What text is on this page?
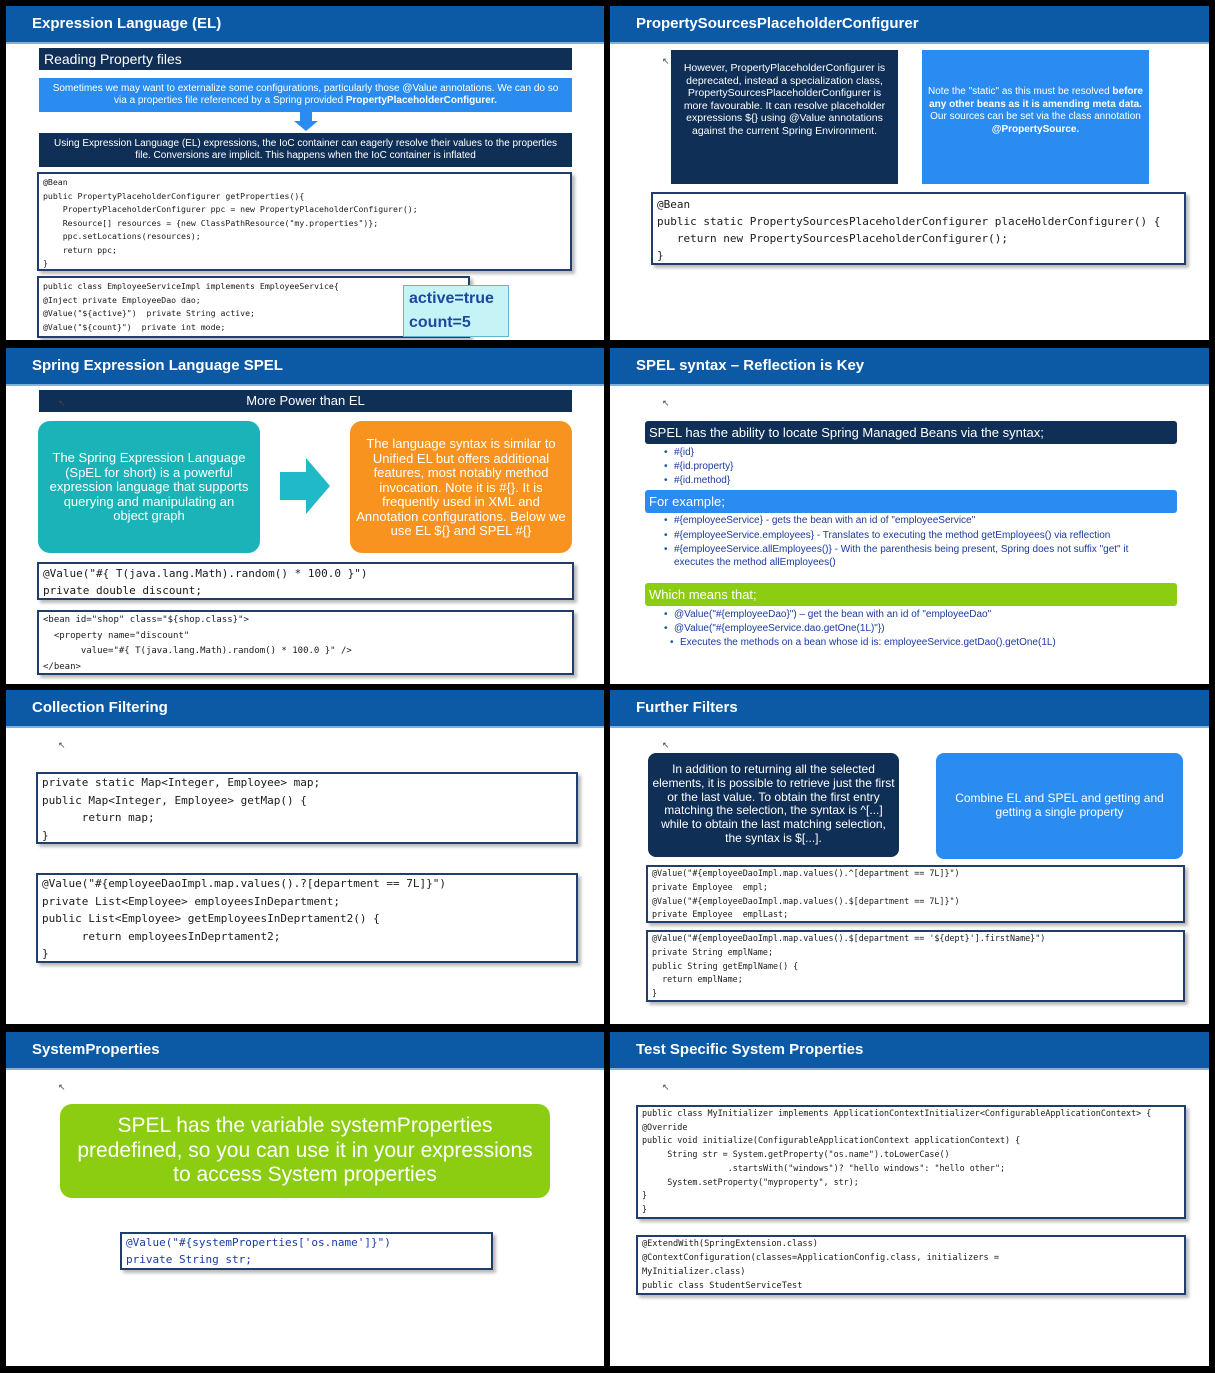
Expression Language (EL)
Reading Property files
Sometimes we may want to externalize some configurations, particularly those @Value annotations. We can do so via a properties file referenced by a Spring provided PropertyPlaceholderConfigurer.
Using Expression Language (EL) expressions, the IoC container can eagerly resolve their values to the properties file. Conversions are implicit. This happens when the IoC container is inflated
@Bean
public PropertyPlaceholderConfigurer getProperties(){
PropertyPlaceholderConfigurer ppc = new PropertyPlaceholderConfigurer();
Resource[] resources = {new ClassPathResource("my.properties")};
ppc.setLocations(resources);
return ppc;
}
public class EmployeeServiceImpl implements EmployeeService{
@Inject private EmployeeDao dao;
@Value("${active}")  private String active;
@Value("${count}")  private int mode;
active=true
count=5
PropertySourcesPlaceholderConfigurer
↖
However, PropertyPlaceholderConfigurer is deprecated, instead a specialization class, PropertySourcesPlaceholderConfigurer is more favourable. It can resolve placeholder expressions ${} using @Value annotations against the current Spring Environment.
Note the "static" as this must be resolved before any other beans as it is amending meta data. Our sources can be set via the class annotation @PropertySource.
@Bean
public static PropertySourcesPlaceholderConfigurer placeHolderConfigurer() {
return new PropertySourcesPlaceholderConfigurer();
}
Spring Expression Language SPEL
More Power than EL
↖
The Spring Expression Language (SpEL for short) is a powerful expression language that supports querying and manipulating an object graph
The language syntax is similar to Unified EL but offers additional features, most notably method invocation. Note it is #{}. It is frequently used in XML and Annotation configurations. Below we use EL ${} and SPEL #{}
@Value("#{ T(java.lang.Math).random() * 100.0 }")
private double discount;
<bean id="shop" class="${shop.class}">
<property name="discount"
value="#{ T(java.lang.Math).random() * 100.0 }" />
</bean>
SPEL syntax – Reflection is Key
↖
SPEL has the ability to locate Spring Managed Beans via the syntax;
• #{id}
• #{id.property}
• #{id.method}
For example;
• #{employeeService} - gets the bean with an id of "employeeService"
• #{employeeService.employees} - Translates to executing the method getEmployees() via reflection
• #{employeeService.allEmployees()} - With the parenthesis being present, Spring does not suffix "get" it executes the method allEmployees()
Which means that;
• @Value("#{employeeDao}") – get the bean with an id of "employeeDao"
• @Value("#{employeeService.dao.getOne(1L)"})
• Executes the methods on a bean whose id is: employeeService.getDao().getOne(1L)
Collection Filtering
↖
private static Map<Integer, Employee> map;
public Map<Integer, Employee> getMap() {
return map;
}
@Value("#{employeeDaoImpl.map.values().?[department == 7L]}")
private List<Employee> employeesInDepartment;
public List<Employee> getEmployeesInDeprtament2() {
return employeesInDeprtament2;
}
Further Filters
↖
In addition to returning all the selected elements, it is possible to retrieve just the first or the last value. To obtain the first entry matching the selection, the syntax is ^[...] while to obtain the last matching selection, the syntax is $[...].
Combine EL and SPEL and getting and getting a single property
@Value("#{employeeDaoImpl.map.values().^[department == 7L]}")
private Employee  empl;
@Value("#{employeeDaoImpl.map.values().$[department == 7L]}")
private Employee  emplLast;
@Value("#{employeeDaoImpl.map.values().$[department == '${dept}'].firstName}")
private String emplName;
public String getEmplName() {
return emplName;
}
SystemProperties
↖
SPEL has the variable systemProperties predefined, so you can use it in your expressions to access System properties
@Value("#{systemProperties['os.name']}")
private String str;
Test Specific System Properties
↖
public class MyInitializer implements ApplicationContextInitializer<ConfigurableApplicationContext> {
@Override
public void initialize(ConfigurableApplicationContext applicationContext) {
String str = System.getProperty("os.name").toLowerCase()
.startsWith("windows")? "hello windows": "hello other";
System.setProperty("myproperty", str);
}
}
@ExtendWith(SpringExtension.class)
@ContextConfiguration(classes=ApplicationConfig.class, initializers =
MyInitializer.class)
public class StudentServiceTest
